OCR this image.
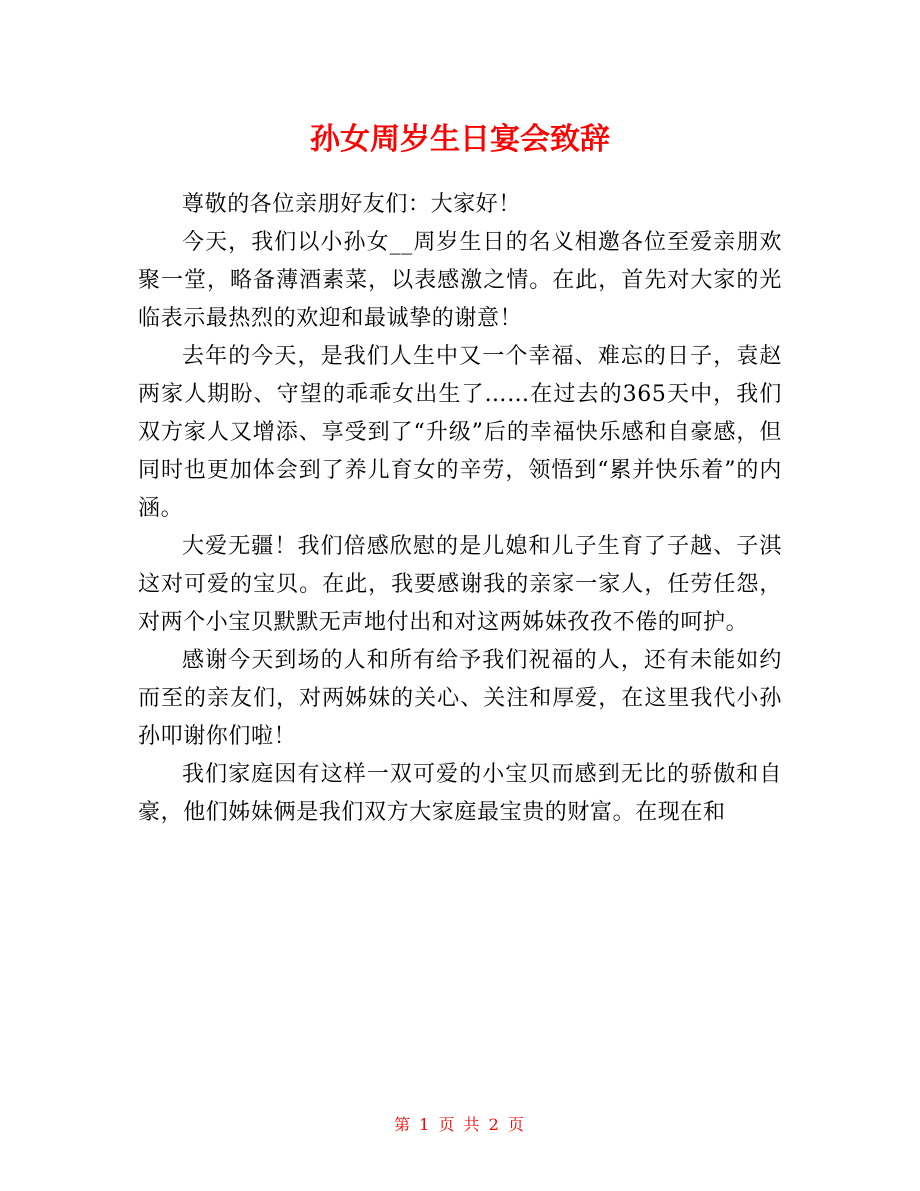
孙女周岁生日宴会致辞

尊敬的各位亲朋好友们：大家好！

今天，我们以小孙女__周岁生日的名义相邀各位至爱亲朋欢聚一堂，略备薄酒素菜，以表感激之情。在此，首先对大家的光临表示最热烈的欢迎和最诚挚的谢意！

去年的今天，是我们人生中又一个幸福、难忘的日子，袁赵两家人期盼、守望的乖乖女出生了……在过去的365天中，我们双方家人又增添、享受到了“升级”后的幸福快乐感和自豪感，但同时也更加体会到了养儿育女的辛劳，领悟到“累并快乐着”的内涵。

大爱无疆！我们倍感欣慰的是儿媳和儿子生育了子越、子淇这对可爱的宝贝。在此，我要感谢我的亲家一家人，任劳任怨，对两个小宝贝默默无声地付出和对这两姊妹孜孜不倦的呵护。

感谢今天到场的人和所有给予我们祝福的人，还有未能如约而至的亲友们，对两姊妹的关心、关注和厚爱，在这里我代小孙孙叩谢你们啦！

我们家庭因有这样一双可爱的小宝贝而感到无比的骄傲和自豪，他们姊妹俩是我们双方大家庭最宝贵的财富。在现在和

第 1 页 共 2 页
